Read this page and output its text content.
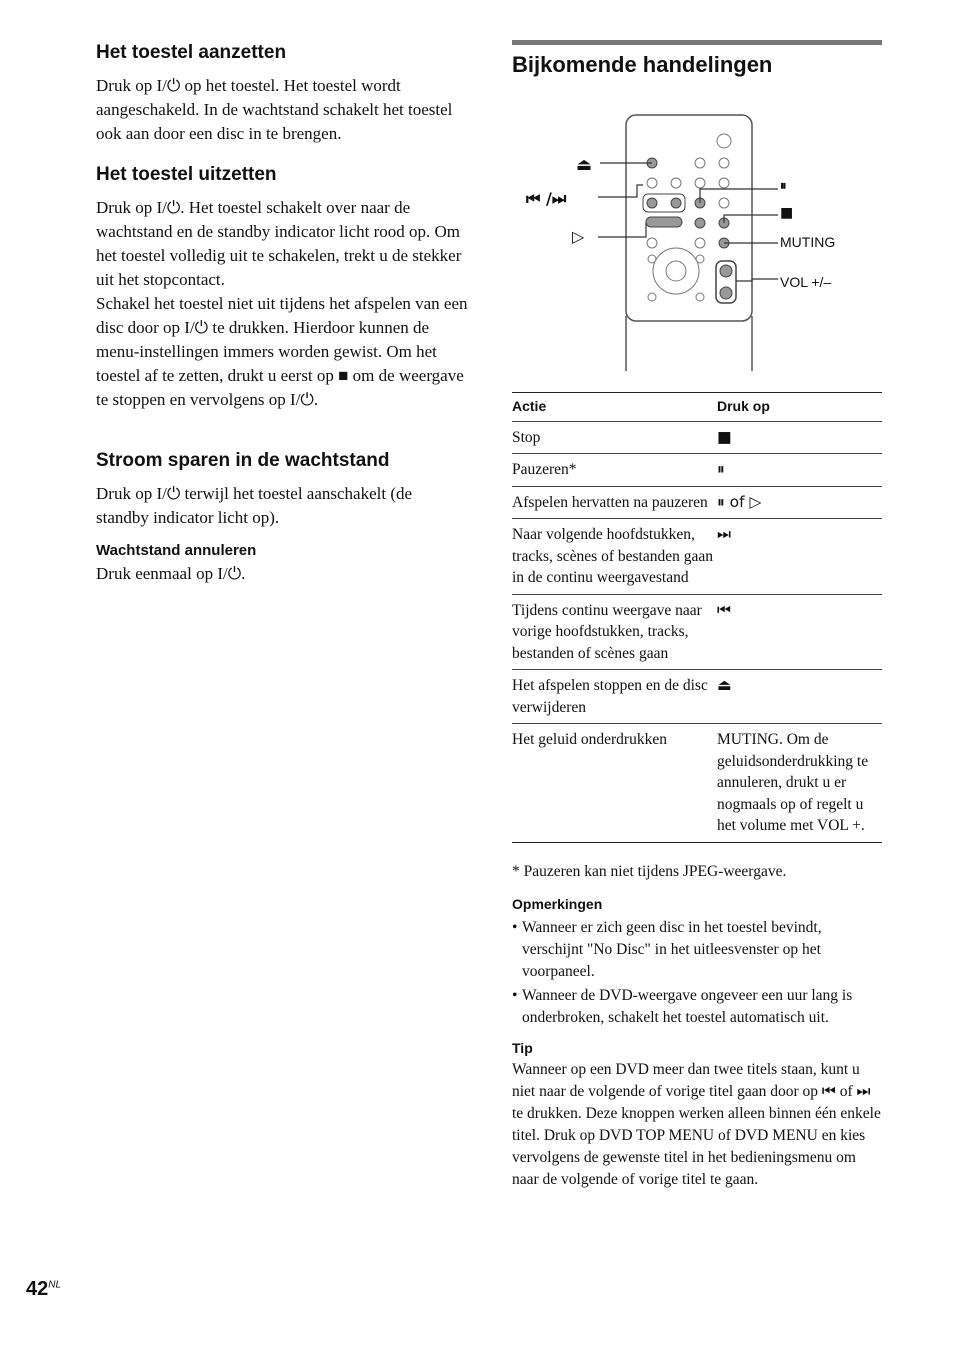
Het toestel aanzetten

Druk op I/⏻ op het toestel. Het toestel wordt aangeschakeld. In de wachtstand schakelt het toestel ook aan door een disc in te brengen.

Het toestel uitzetten

Druk op I/⏻. Het toestel schakelt over naar de wachtstand en de standby indicator licht rood op. Om het toestel volledig uit te schakelen, trekt u de stekker uit het stopcontact.

Schakel het toestel niet uit tijdens het afspelen van een disc door op I/⏻ te drukken. Hierdoor kunnen de menu-instellingen immers worden gewist. Om het toestel af te zetten, drukt u eerst op ■ om de weergave te stoppen en vervolgens op I/⏻.

Stroom sparen in de wachtstand

Druk op I/⏻ terwijl het toestel aanschakelt (de standby indicator licht op).

Wachtstand annuleren

Druk eenmaal op I/⏻.

Bijkomende handelingen
⏏
⏮ /⏭
▷
⏸
■
MUTING
VOL +/–
Actie	Druk op
Stop	■
Pauzeren*	⏸
Afspelen hervatten na pauzeren	⏸ of ▷
Naar volgende hoofdstukken, tracks, scènes of bestanden gaan in de continu weergavestand	⏭
Tijdens continu weergave naar vorige hoofdstukken, tracks, bestanden of scènes gaan	⏮
Het afspelen stoppen en de disc verwijderen	⏏
Het geluid onderdrukken	MUTING. Om de geluidsonderdrukking te annuleren, drukt u er nogmaals op of regelt u het volume met VOL +.

* Pauzeren kan niet tijdens JPEG-weergave.

Opmerkingen
• Wanneer er zich geen disc in het toestel bevindt, verschijnt "No Disc" in het uitleesvenster op het voorpaneel.
• Wanneer de DVD-weergave ongeveer een uur lang is onderbroken, schakelt het toestel automatisch uit.
Tip

Wanneer op een DVD meer dan twee titels staan, kunt u niet naar de volgende of vorige titel gaan door op ⏮ of ⏭ te drukken. Deze knoppen werken alleen binnen één enkele titel. Druk op DVD TOP MENU of DVD MENU en kies vervolgens de gewenste titel in het bedieningsmenu om naar de volgende of vorige titel te gaan.

$42^{NL}$
